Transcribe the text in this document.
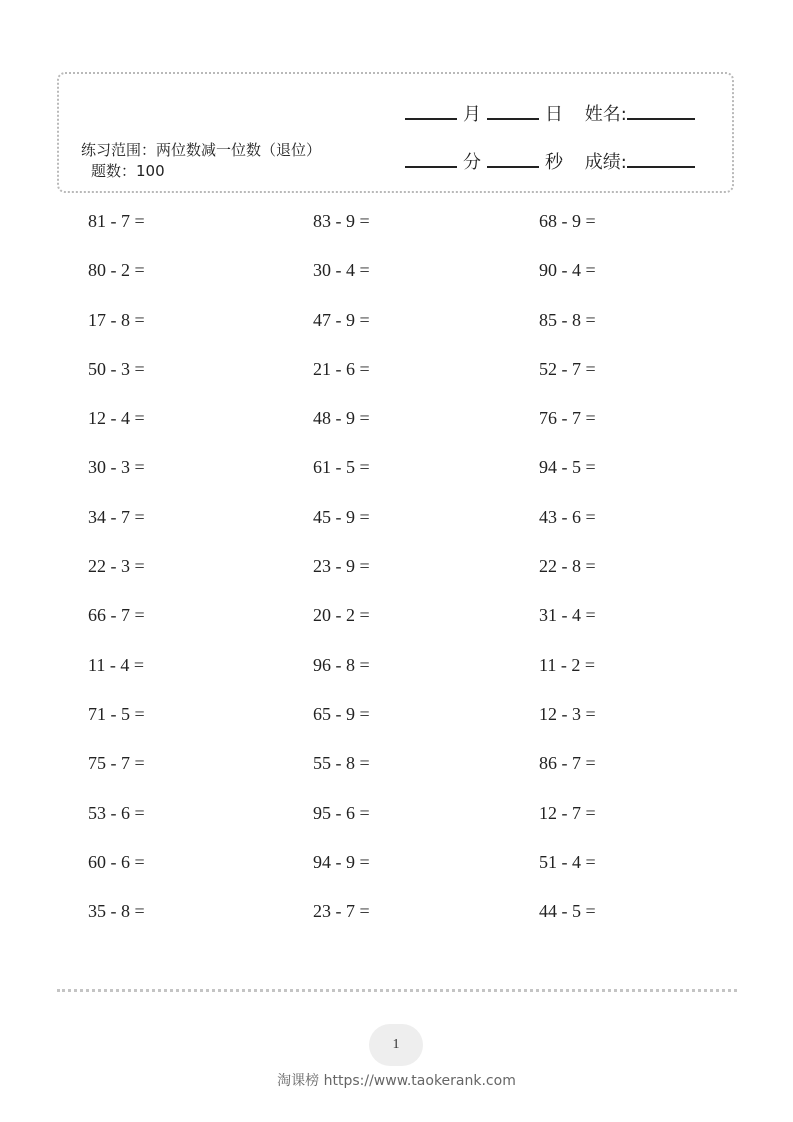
月	日 姓名:
分	秒 成绩:
练习范围：两位数减一位数（退位）题数：100
81 - 7 =	83 - 9 =	68 - 9 =
80 - 2 =	30 - 4 =	90 - 4 =
17 - 8 =	47 - 9 =	85 - 8 =
50 - 3 =	21 - 6 =	52 - 7 =
12 - 4 =	48 - 9 =	76 - 7 =
30 - 3 =	61 - 5 =	94 - 5 =
34 - 7 =	45 - 9 =	43 - 6 =
22 - 3 =	23 - 9 =	22 - 8 =
66 - 7 =	20 - 2 =	31 - 4 =
11 - 4 =	96 - 8 =	11 - 2 =
71 - 5 =	65 - 9 =	12 - 3 =
75 - 7 =	55 - 8 =	86 - 7 =
53 - 6 =	95 - 6 =	12 - 7 =
60 - 6 =	94 - 9 =	51 - 4 =
35 - 8 =	23 - 7 =	44 - 5 =
1
淘课榜 https://www.taokerank.com
